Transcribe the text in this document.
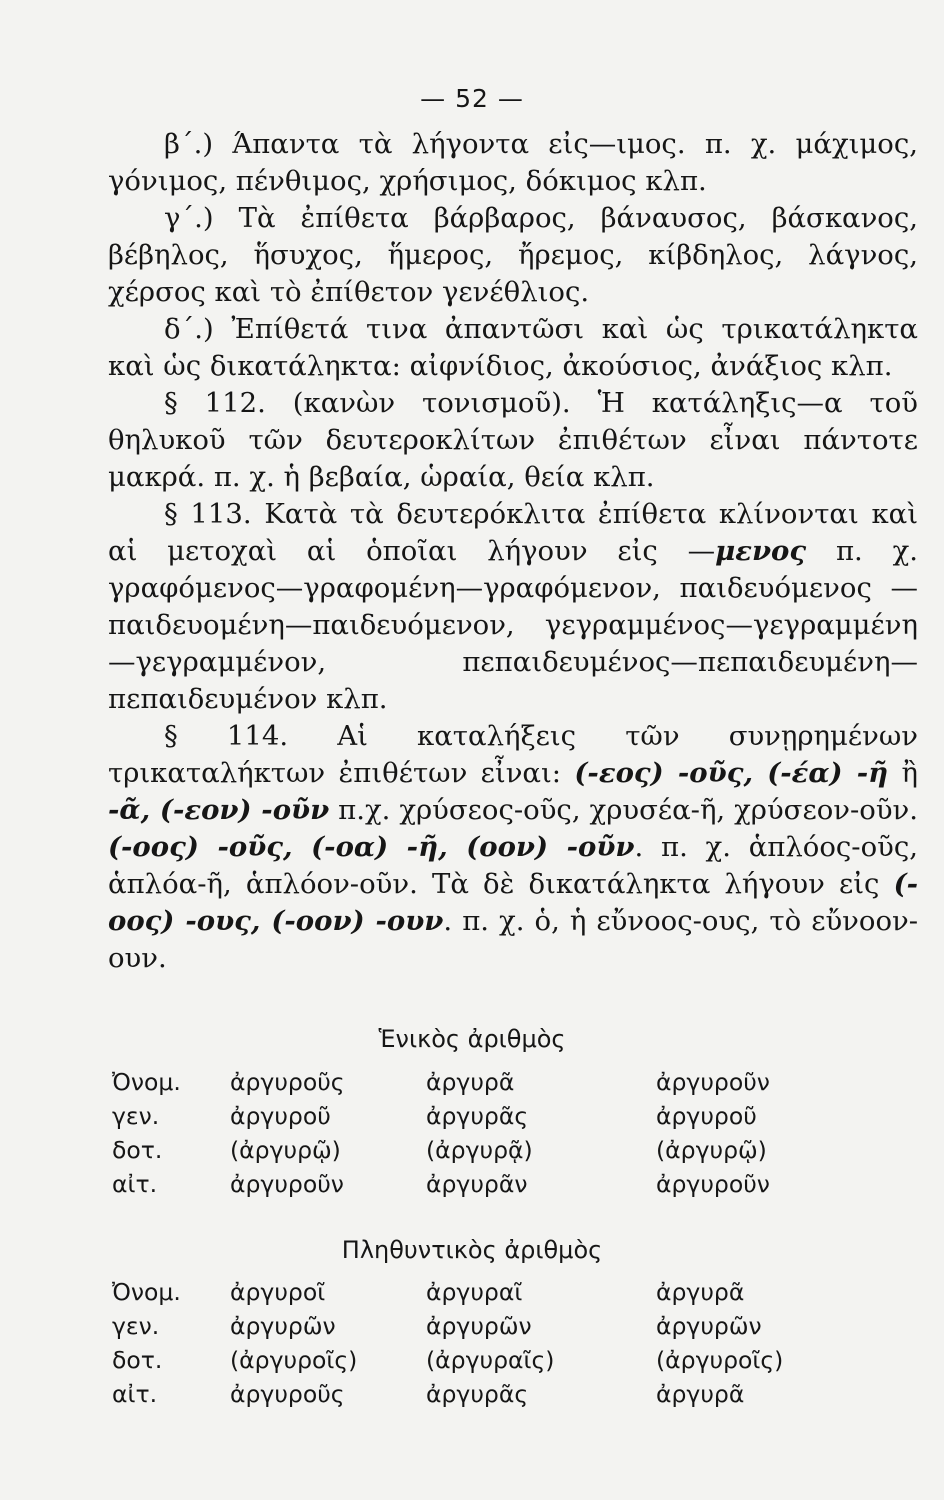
— 52 —

β΄.) Άπαντα τὰ λήγοντα εἰς—ιμος. π. χ. μάχιμος, γόνιμος, πένθιμος, χρήσιμος, δόκιμος κλπ.

γ΄.) Τὰ ἐπίθετα βάρβαρος, βάναυσος, βάσκανος, βέβηλος, ἥσυχος, ἥμερος, ἤρεμος, κίβδηλος, λάγνος, χέρσος καὶ τὸ ἐπίθετον γενέθλιος.

δ΄.) Ἐπίθετά τινα ἀπαντῶσι καὶ ὡς τρικατάληκτα καὶ ὡς δικατάληκτα: αἰφνίδιος, ἀκούσιος, ἀνάξιος κλπ.

§ 112. (κανὼν τονισμοῦ). Ἡ κατάληξις—α τοῦ θηλυκοῦ τῶν δευτεροκλίτων ἐπιθέτων εἶναι πάντοτε μακρά. π. χ. ἡ βεβαία, ὡραία, θεία κλπ.

§ 113. Κατὰ τὰ δευτερόκλιτα ἐπίθετα κλίνονται καὶ αἱ μετοχαὶ αἱ ὁποῖαι λήγουν εἰς —μενος π. χ. γραφόμενος—γραφομένη—γραφόμενον, παιδευόμενος — παιδευομένη—παιδευόμενον, γεγραμμένος—γεγραμμένη—γεγραμμένον, πεπαιδευμένος—πεπαιδευμένη—πεπαιδευμένον κλπ.

§ 114. Αἱ καταλήξεις τῶν συνῃρημένων τρικαταλήκτων ἐπιθέτων εἶναι: (-εος) -οῦς, (-έα) -ῆ ἢ -ᾶ, (-εον) -οῦν π.χ. χρύσεος-οῦς, χρυσέα-ῆ, χρύσεον-οῦν. (-οος) -οῦς, (-οα) -ῆ, (οον) -οῦν. π. χ. ἁπλόος-οῦς, ἁπλόα-ῆ, ἁπλόον-οῦν. Τὰ δὲ δικατάληκτα λήγουν εἰς (-οος) -ους, (-οον) -ουν. π. χ. ὁ, ἡ εὔνοος-ους, τὸ εὔνοον-ουν.

Ἑνικὸς ἀριθμὸς
Ὀνομ.	ἀργυροῦς	ἀργυρᾶ	ἀργυροῦν
γεν.	ἀργυροῦ	ἀργυρᾶς	ἀργυροῦ
δοτ.	(ἀργυρῷ)	(ἀργυρᾷ)	(ἀργυρῷ)
αἰτ.	ἀργυροῦν	ἀργυρᾶν	ἀργυροῦν
Πληθυντικὸς ἀριθμὸς
Ὀνομ.	ἀργυροῖ	ἀργυραῖ	ἀργυρᾶ
γεν.	ἀργυρῶν	ἀργυρῶν	ἀργυρῶν
δοτ.	(ἀργυροῖς)	(ἀργυραῖς)	(ἀργυροῖς)
αἰτ.	ἀργυροῦς	ἀργυρᾶς	ἀργυρᾶ
